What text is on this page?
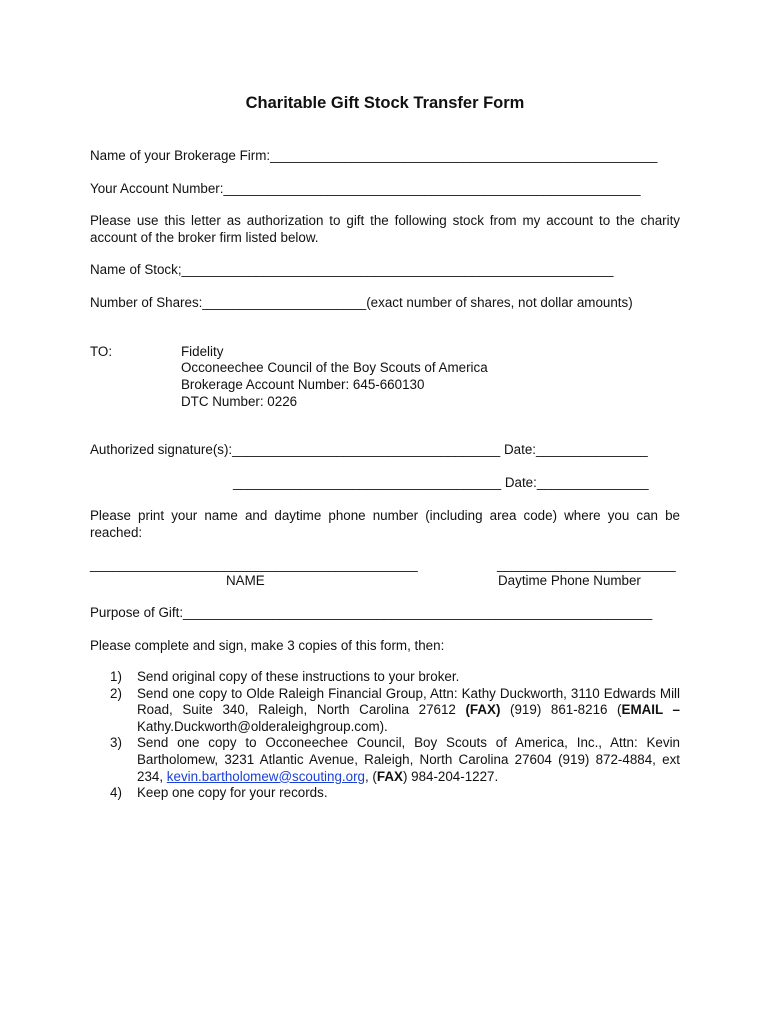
Charitable Gift Stock Transfer Form
Name of your Brokerage Firm:____________________________________________________
Your Account Number:________________________________________________________
Please use this letter as authorization to gift the following stock from my account to the charity account of the broker firm listed below.
Name of Stock;__________________________________________________________
Number of Shares:______________________(exact number of shares, not dollar amounts)
TO:	Fidelity
Occoneechee Council of the Boy Scouts of America
Brokerage Account Number: 645-660130
DTC Number: 0226
Authorized signature(s):____________________________________ Date:_______________
____________________________________ Date:_______________
Please print your name and daytime phone number (including area code) where you can be reached:
____________________________________________
NAME
________________________
Daytime Phone Number
Purpose of Gift:_______________________________________________________________
Please complete and sign, make 3 copies of this form, then:
1) Send original copy of these instructions to your broker.
2) Send one copy to Olde Raleigh Financial Group, Attn: Kathy Duckworth, 3110 Edwards Mill Road, Suite 340, Raleigh, North Carolina 27612 (FAX) (919) 861-8216 (EMAIL – Kathy.Duckworth@olderaleighgroup.com).
3) Send one copy to Occoneechee Council, Boy Scouts of America, Inc., Attn: Kevin Bartholomew, 3231 Atlantic Avenue, Raleigh, North Carolina 27604 (919) 872-4884, ext 234, kevin.bartholomew@scouting.org, (FAX) 984-204-1227.
4) Keep one copy for your records.
